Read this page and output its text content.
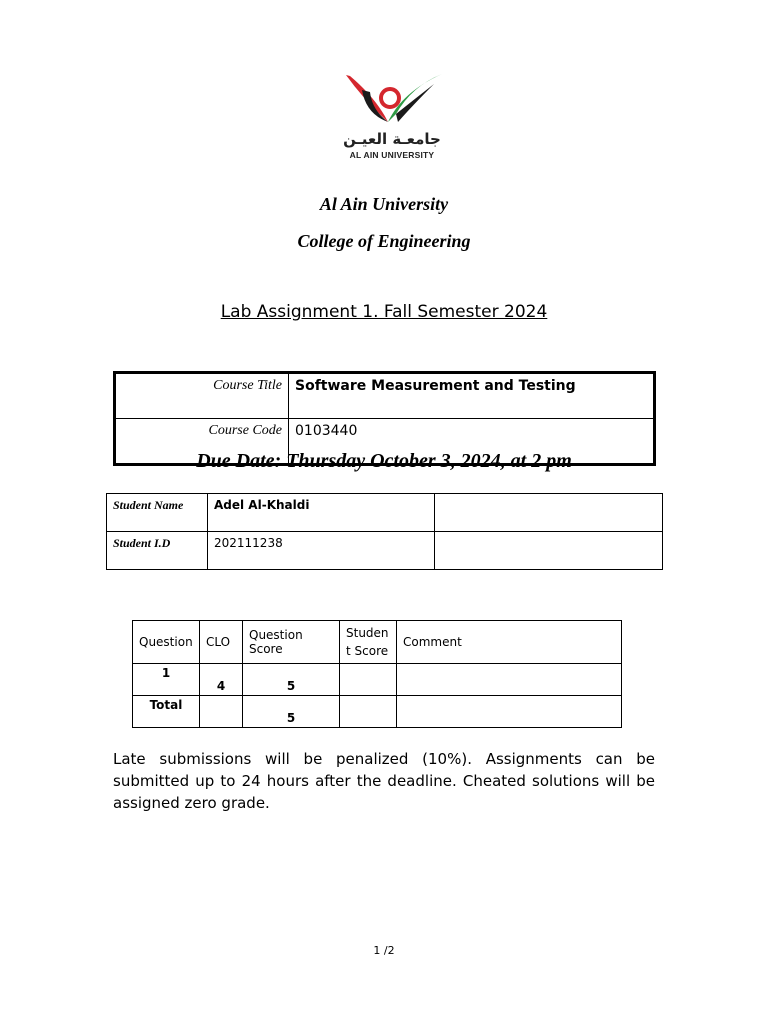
جامعـة العيـن
AL AIN UNIVERSITY
Al Ain University
College of Engineering
Lab Assignment 1. Fall Semester 2024
Course Title	Software Measurement and Testing
Course Code	0103440
Due Date: Thursday October 3, 2024, at 2 pm
Student Name	Adel Al-Khaldi	
Student I.D	202111238	
Question	CLO	Question Score	Studen t Score	Comment
1	4	5		
Total		5		
Late submissions will be penalized (10%). Assignments can be submitted up to 24 hours after the deadline. Cheated solutions will be assigned zero grade.
1 /2
